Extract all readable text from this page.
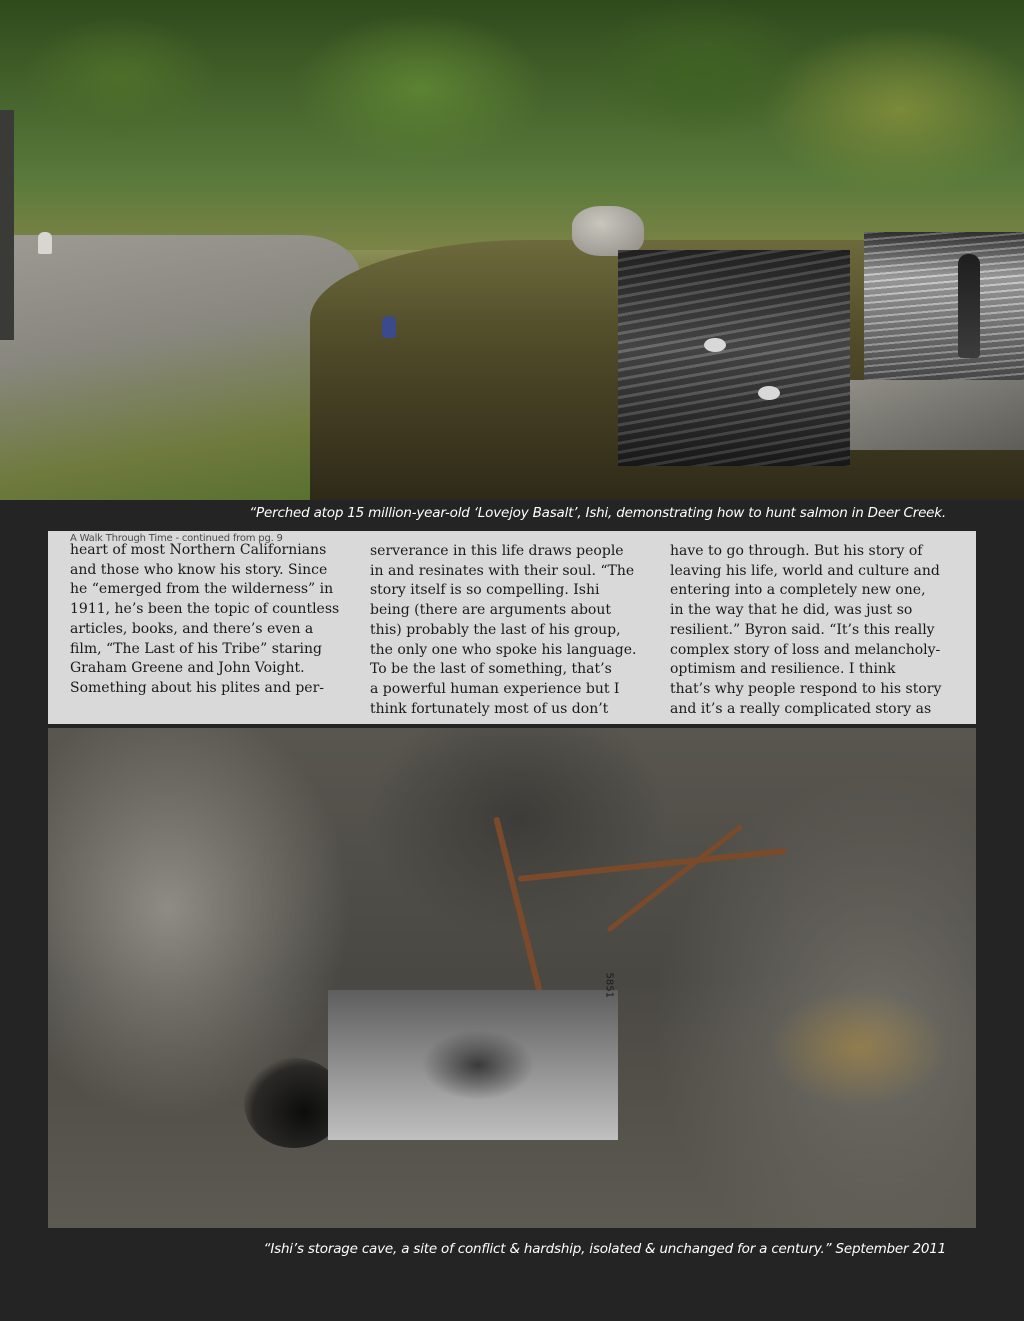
“Perched atop 15 million-year-old ‘Lovejoy Basalt’, Ishi, demonstrating how to hunt salmon in Deer Creek.
A Walk Through Time - continued from pg. 9

heart of most Northern Californians
and those who know his story. Since
he “emerged from the wilderness” in
1911, he’s been the topic of countless
articles, books, and there’s even a
film, “The Last of his Tribe” staring
Graham Greene and John Voight.
Something about his plites and per-

serverance in this life draws people
in and resinates with their soul. “The
story itself is so compelling. Ishi
being (there are arguments about
this) probably the last of his group,
the only one who spoke his language.
To be the last of something, that’s
a powerful human experience but I
think fortunately most of us don’t

have to go through. But his story of
leaving his life, world and culture and
entering into a completely new one,
in the way that he did, was just so
resilient.” Byron said. “It’s this really
complex story of loss and melancholy-
optimism and resilience. I think
that’s why people respond to his story
and it’s a really complicated story as

5851
“Ishi’s storage cave, a site of conflict & hardship, isolated & unchanged for a century.” September 2011
